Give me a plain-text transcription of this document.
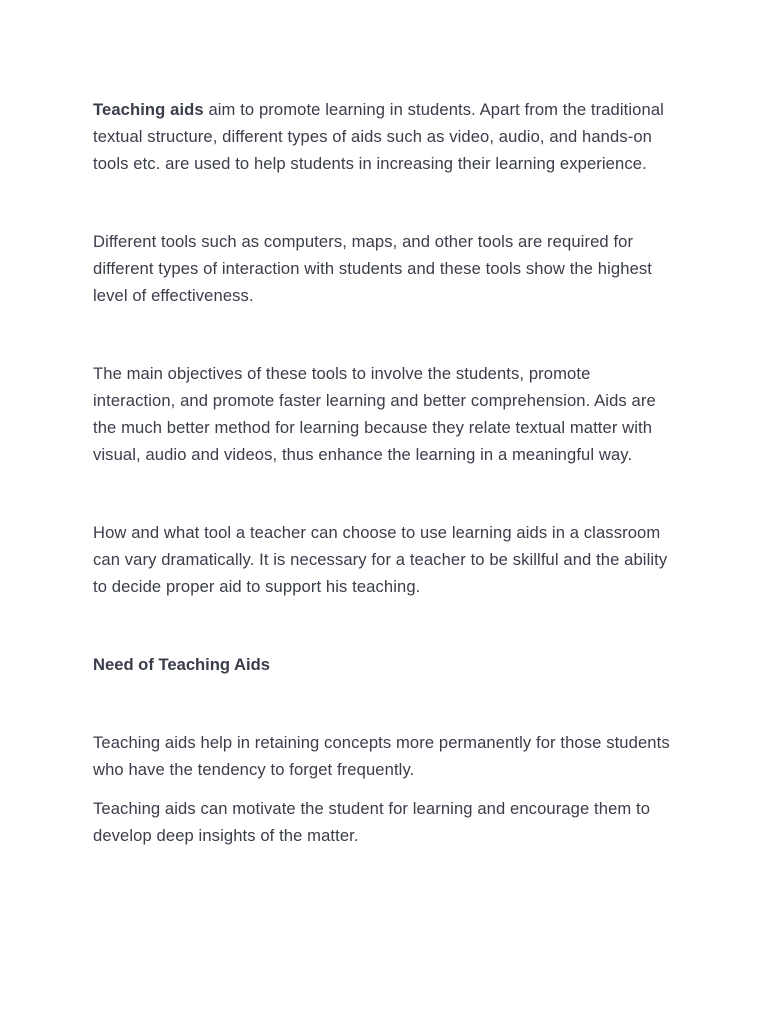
Teaching aids aim to promote learning in students. Apart from the traditional textual structure, different types of aids such as video, audio, and hands-on tools etc. are used to help students in increasing their learning experience.

Different tools such as computers, maps, and other tools are required for different types of interaction with students and these tools show the highest level of effectiveness.

The main objectives of these tools to involve the students, promote interaction, and promote faster learning and better comprehension. Aids are the much better method for learning because they relate textual matter with visual, audio and videos, thus enhance the learning in a meaningful way.

How and what tool a teacher can choose to use learning aids in a classroom can vary dramatically. It is necessary for a teacher to be skillful and the ability to decide proper aid to support his teaching.

Need of Teaching Aids

Teaching aids help in retaining concepts more permanently for those students who have the tendency to forget frequently.

Teaching aids can motivate the student for learning and encourage them to develop deep insights of the matter.
